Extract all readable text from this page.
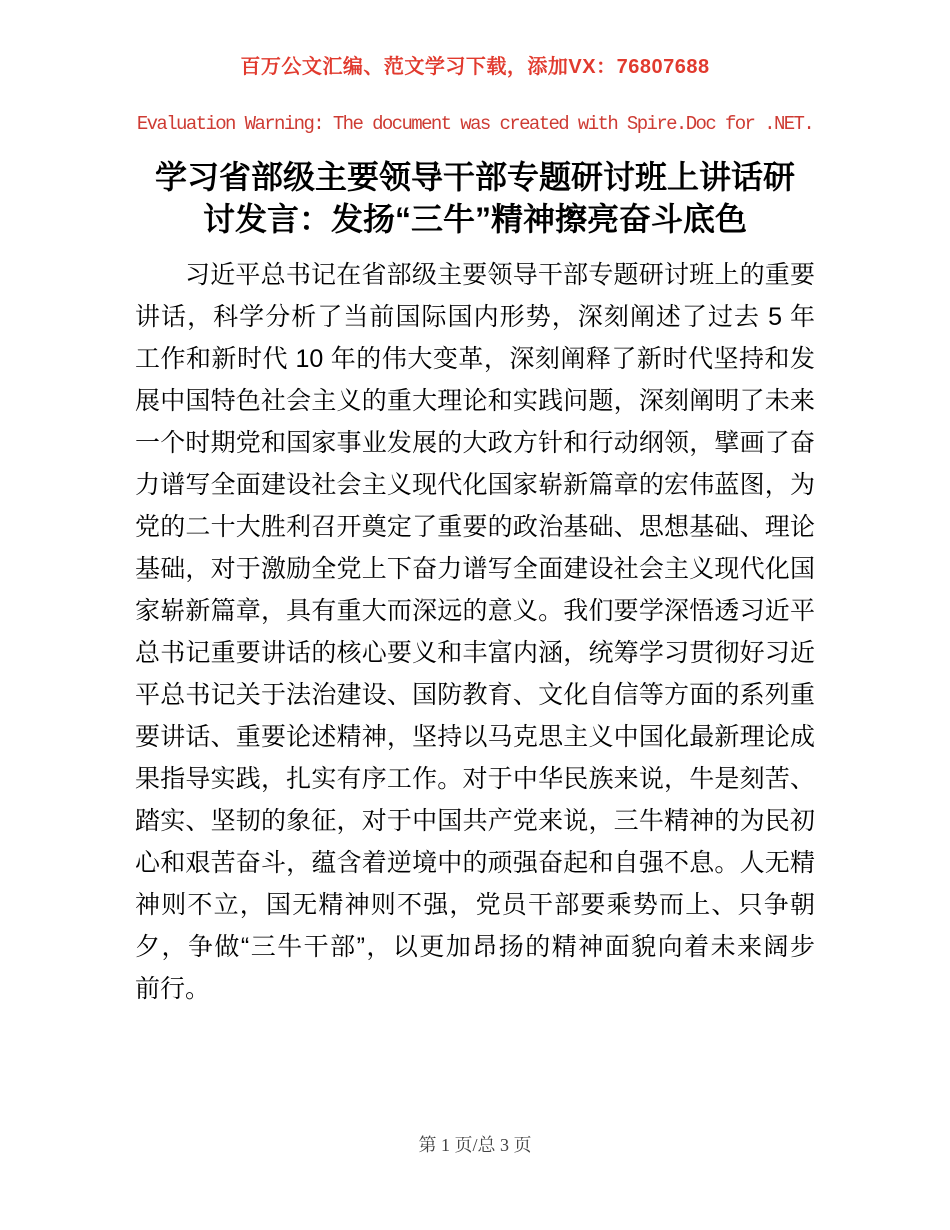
百万公文汇编、范文学习下载，添加VX：76807688
Evaluation Warning: The document was created with Spire.Doc for .NET.
学习省部级主要领导干部专题研讨班上讲话研
讨发言：发扬“三牛”精神擦亮奋斗底色
习近平总书记在省部级主要领导干部专题研讨班上的重要
讲话，科学分析了当前国际国内形势，深刻阐述了过去 5 年
工作和新时代 10 年的伟大变革，深刻阐释了新时代坚持和发
展中国特色社会主义的重大理论和实践问题，深刻阐明了未来
一个时期党和国家事业发展的大政方针和行动纲领，擘画了奋
力谱写全面建设社会主义现代化国家崭新篇章的宏伟蓝图，为
党的二十大胜利召开奠定了重要的政治基础、思想基础、理论
基础，对于激励全党上下奋力谱写全面建设社会主义现代化国
家崭新篇章，具有重大而深远的意义。我们要学深悟透习近平
总书记重要讲话的核心要义和丰富内涵，统筹学习贯彻好习近
平总书记关于法治建设、国防教育、文化自信等方面的系列重
要讲话、重要论述精神，坚持以马克思主义中国化最新理论成
果指导实践，扎实有序工作。对于中华民族来说，牛是刻苦、
踏实、坚韧的象征，对于中国共产党来说，三牛精神的为民初
心和艰苦奋斗，蕴含着逆境中的顽强奋起和自强不息。人无精
神则不立，国无精神则不强，党员干部要乘势而上、只争朝
夕，争做“三牛干部”，以更加昂扬的精神面貌向着未来阔步
前行。
第 1 页/总 3 页
